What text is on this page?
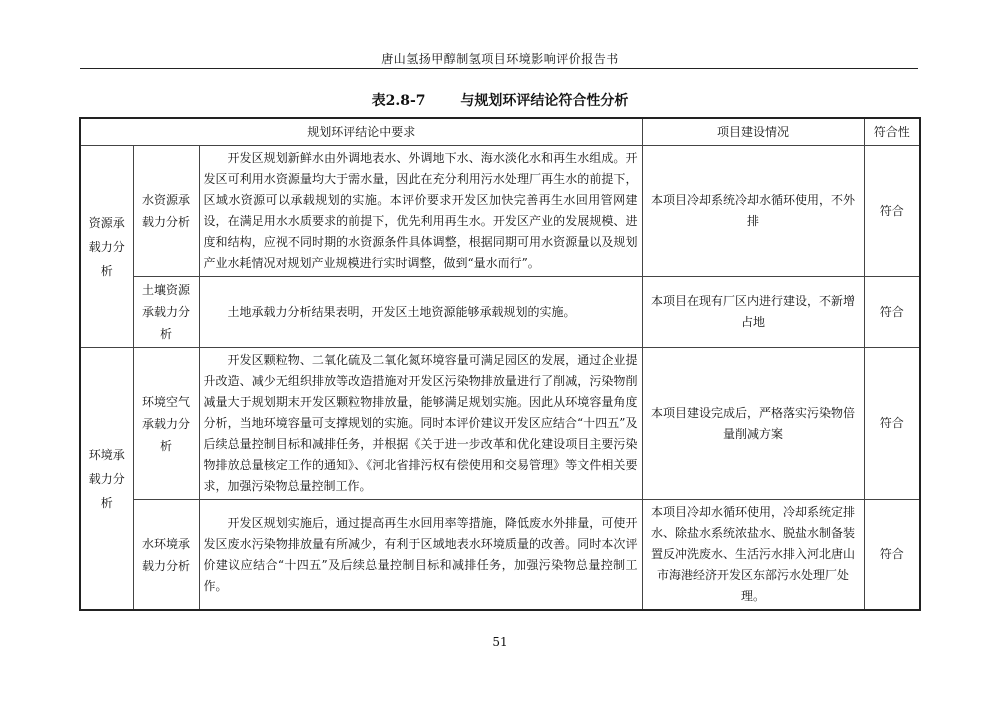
唐山氢扬甲醇制氢项目环境影响评价报告书
表2.8-7 与规划环评结论符合性分析
规划环评结论中要求			项目建设情况	符合性
资源承载力分析	水资源承载力分析	开发区规划新鲜水由外调地表水、外调地下水、海水淡化水和再生水组成。开发区可利用水资源量均大于需水量，因此在充分利用污水处理厂再生水的前提下，区域水资源可以承载规划的实施。本评价要求开发区加快完善再生水回用管网建设，在满足用水水质要求的前提下，优先利用再生水。开发区产业的发展规模、进度和结构，应视不同时期的水资源条件具体调整，根据同期可用水资源量以及规划产业水耗情况对规划产业规模进行实时调整，做到“量水而行”。	本项目冷却系统冷却水循环使用，不外排	符合
	土壤资源承载力分析	土地承载力分析结果表明，开发区土地资源能够承载规划的实施。	本项目在现有厂区内进行建设，不新增占地	符合
环境承载力分析	环境空气承载力分析	开发区颗粒物、二氧化硫及二氧化氮环境容量可满足园区的发展，通过企业提升改造、减少无组织排放等改造措施对开发区污染物排放量进行了削减，污染物削减量大于规划期末开发区颗粒物排放量，能够满足规划实施。因此从环境容量角度分析，当地环境容量可支撑规划的实施。同时本评价建议开发区应结合“十四五”及后续总量控制目标和减排任务，并根据《关于进一步改革和优化建设项目主要污染物排放总量核定工作的通知》、《河北省排污权有偿使用和交易管理》等文件相关要求，加强污染物总量控制工作。	本项目建设完成后，严格落实污染物倍量削减方案	符合
	水环境承载力分析	开发区规划实施后，通过提高再生水回用率等措施，降低废水外排量，可使开发区废水污染物排放量有所减少，有利于区域地表水环境质量的改善。同时本次评价建议应结合“十四五”及后续总量控制目标和减排任务，加强污染物总量控制工作。	本项目冷却水循环使用，冷却系统定排水、除盐水系统浓盐水、脱盐水制备装置反冲洗废水、生活污水排入河北唐山市海港经济开发区东部污水处理厂处理。	符合
51
